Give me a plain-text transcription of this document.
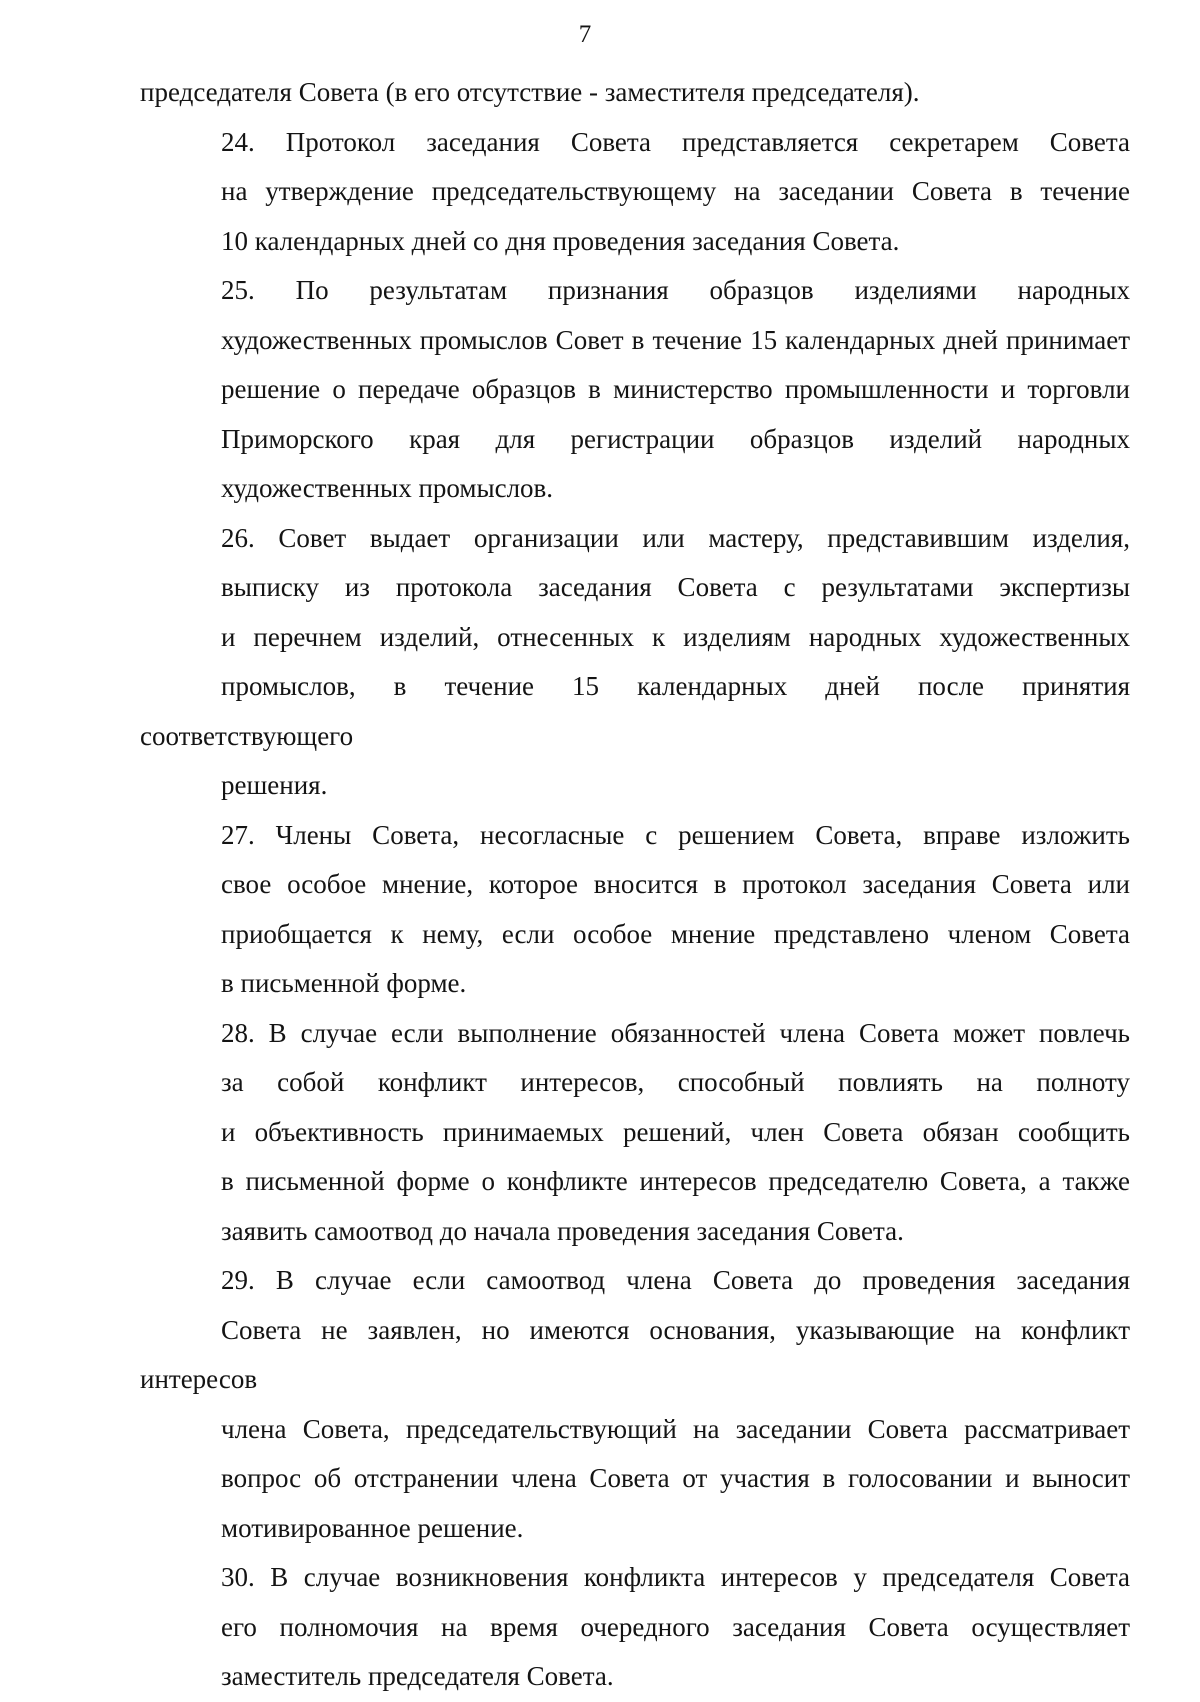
7

председателя Совета (в его отсутствие - заместителя председателя).

24. Протокол заседания Совета представляется секретарем Совета
на утверждение председательствующему на заседании Совета в течение
10 календарных дней со дня проведения заседания Совета.

25. По результатам признания образцов изделиями народных
художественных промыслов Совет в течение 15 календарных дней принимает
решение о передаче образцов в министерство промышленности и торговли
Приморского края для регистрации образцов изделий народных
художественных промыслов.

26. Совет выдает организации или мастеру, представившим изделия,
выписку из протокола заседания Совета с результатами экспертизы
и перечнем изделий, отнесенных к изделиям народных художественных
промыслов, в течение 15 календарных дней после принятия соответствующего
решения.

27. Члены Совета, несогласные с решением Совета, вправе изложить
свое особое мнение, которое вносится в протокол заседания Совета или
приобщается к нему, если особое мнение представлено членом Совета
в письменной форме.

28. В случае если выполнение обязанностей члена Совета может повлечь
за собой конфликт интересов, способный повлиять на полноту
и объективность принимаемых решений, член Совета обязан сообщить
в письменной форме о конфликте интересов председателю Совета, а также
заявить самоотвод до начала проведения заседания Совета.

29. В случае если самоотвод члена Совета до проведения заседания
Совета не заявлен, но имеются основания, указывающие на конфликт интересов
члена Совета, председательствующий на заседании Совета рассматривает
вопрос об отстранении члена Совета от участия в голосовании и выносит
мотивированное решение.

30. В случае возникновения конфликта интересов у председателя Совета
его полномочия на время очередного заседания Совета осуществляет
заместитель председателя Совета.
